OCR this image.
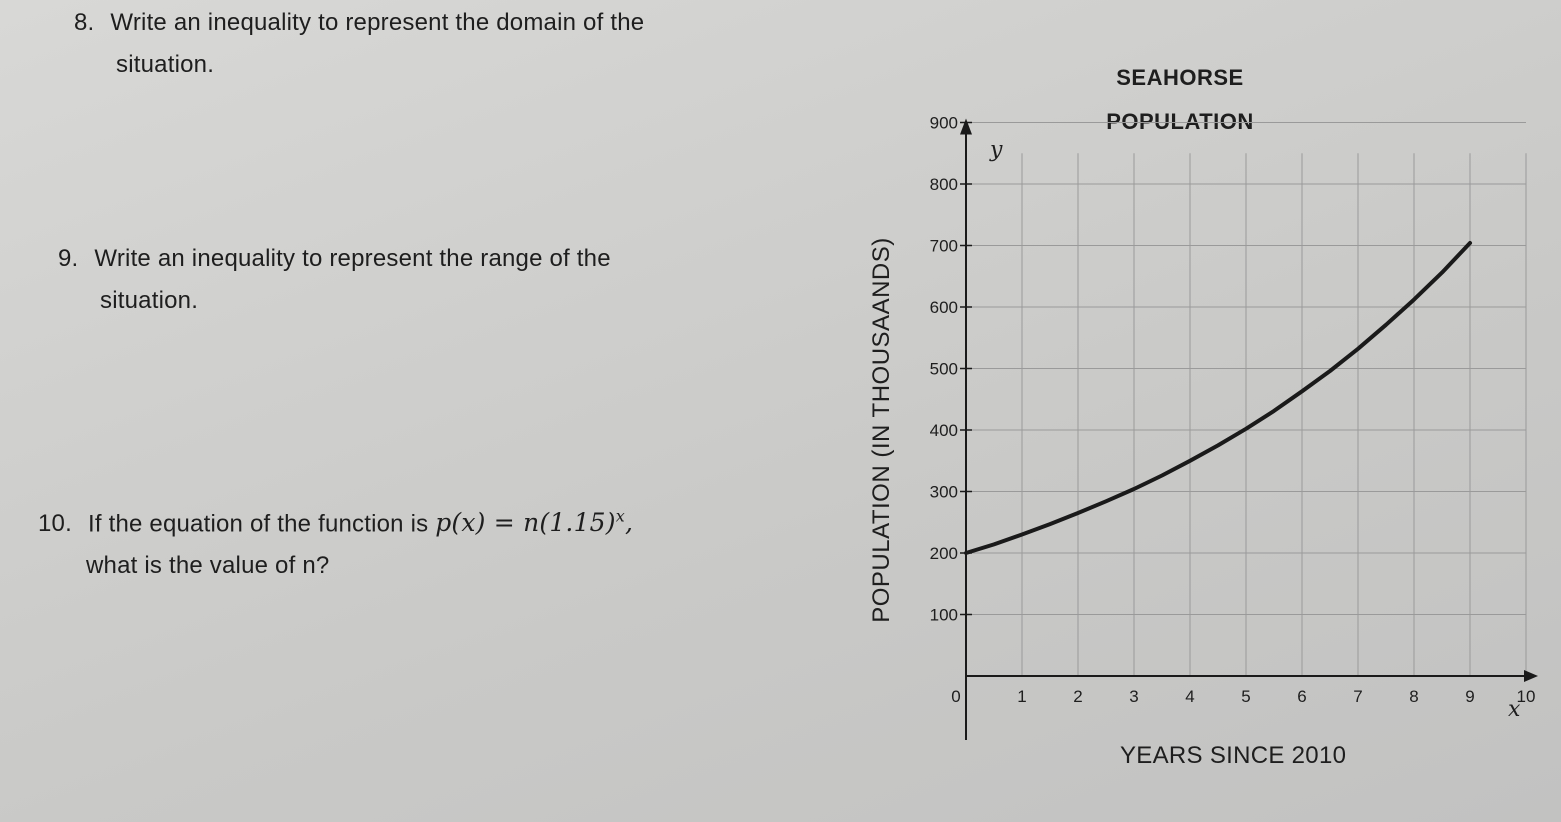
8. Write an inequality to represent the domain of the
situation.
9. Write an inequality to represent the range of the
situation.
10. If the equation of the function is $p(x) = n(1.15)^x$,
what is the value of n?
SEAHORSE
POPULATION
POPULATION (IN THOUSAANDS)
YEARS SINCE 2010
100
200
300
400
500
600
700
800
900
0	1	2	3	4	5	6	7	8	9 10
y
x
